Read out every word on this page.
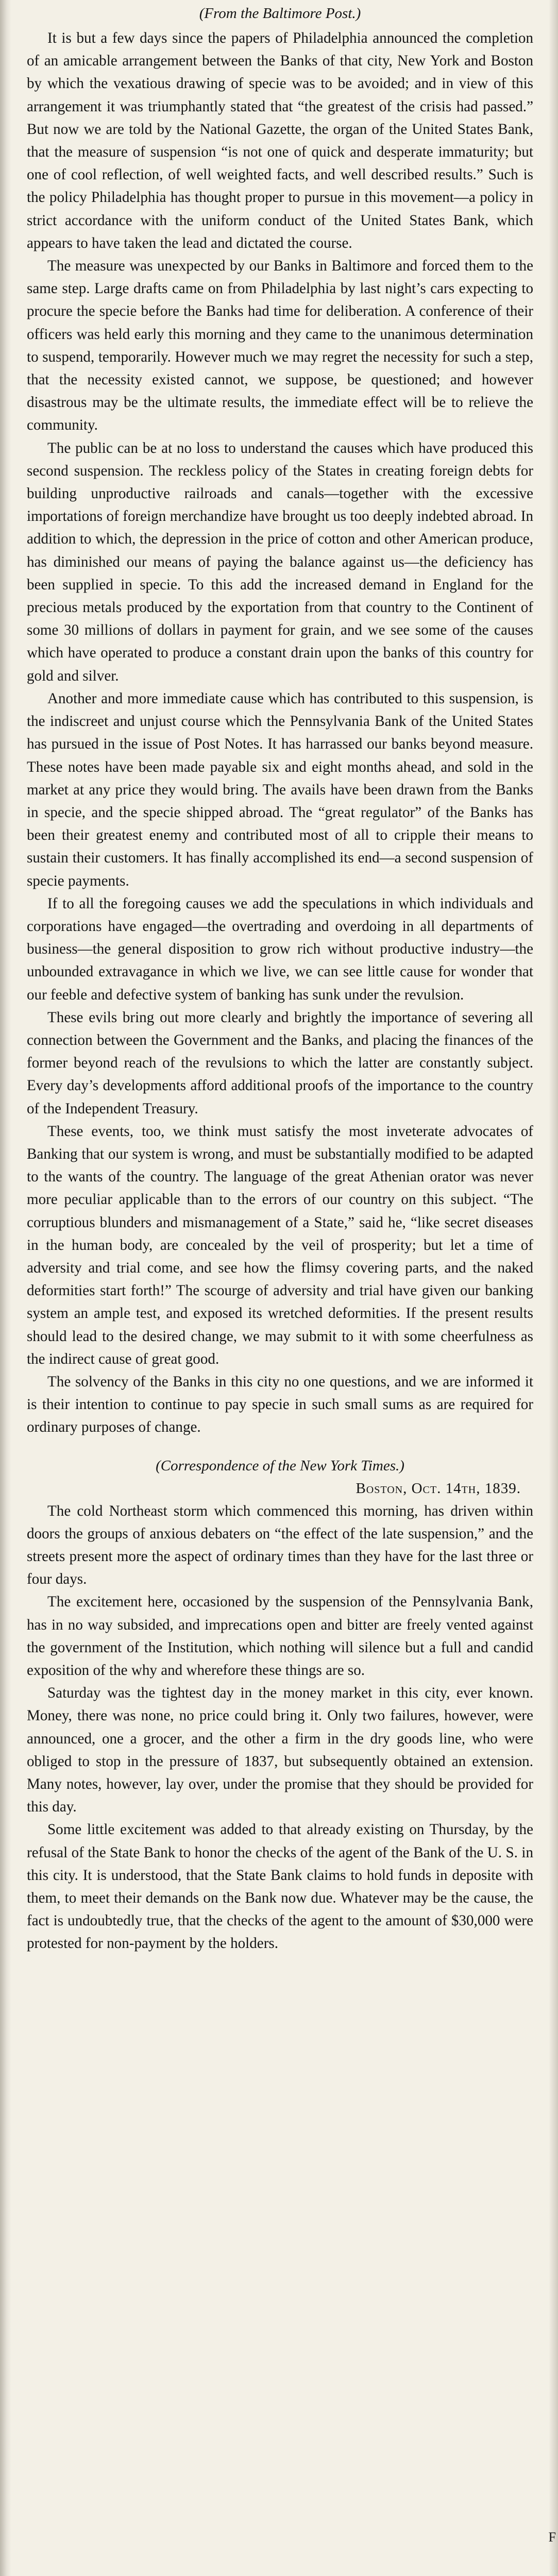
(From the Baltimore Post.)

It is but a few days since the papers of Philadelphia announced the completion of an amicable arrangement between the Banks of that city, New York and Boston by which the vexatious drawing of specie was to be avoided; and in view of this arrangement it was triumphantly stated that “the greatest of the crisis had passed.” But now we are told by the National Gazette, the organ of the United States Bank, that the measure of suspension “is not one of quick and desperate immaturity; but one of cool reflection, of well weighted facts, and well described results.” Such is the policy Philadelphia has thought proper to pursue in this movement—a policy in strict accordance with the uniform conduct of the United States Bank, which appears to have taken the lead and dictated the course.

The measure was unexpected by our Banks in Baltimore and forced them to the same step. Large drafts came on from Philadelphia by last night’s cars expecting to procure the specie before the Banks had time for deliberation. A conference of their officers was held early this morning and they came to the unanimous determination to suspend, temporarily. However much we may regret the necessity for such a step, that the necessity existed cannot, we suppose, be questioned; and however disastrous may be the ultimate results, the immediate effect will be to relieve the community.

The public can be at no loss to understand the causes which have produced this second suspension. The reckless policy of the States in creating foreign debts for building unproductive railroads and canals—together with the excessive importations of foreign merchandize have brought us too deeply indebted abroad. In addition to which, the depression in the price of cotton and other American produce, has diminished our means of paying the balance against us—the deficiency has been supplied in specie. To this add the increased demand in England for the precious metals produced by the exportation from that country to the Continent of some 30 millions of dollars in payment for grain, and we see some of the causes which have operated to produce a constant drain upon the banks of this country for gold and silver.

Another and more immediate cause which has contributed to this suspension, is the indiscreet and unjust course which the Pennsylvania Bank of the United States has pursued in the issue of Post Notes. It has harrassed our banks beyond measure. These notes have been made payable six and eight months ahead, and sold in the market at any price they would bring. The avails have been drawn from the Banks in specie, and the specie shipped abroad. The “great regulator” of the Banks has been their greatest enemy and contributed most of all to cripple their means to sustain their customers. It has finally accomplished its end—a second suspension of specie payments.

If to all the foregoing causes we add the speculations in which individuals and corporations have engaged—the overtrading and overdoing in all departments of business—the general disposition to grow rich without productive industry—the unbounded extravagance in which we live, we can see little cause for wonder that our feeble and defective system of banking has sunk under the revulsion.

These evils bring out more clearly and brightly the importance of severing all connection between the Government and the Banks, and placing the finances of the former beyond reach of the revulsions to which the latter are constantly subject. Every day’s developments afford additional proofs of the importance to the country of the Independent Treasury.

These events, too, we think must satisfy the most inveterate advocates of Banking that our system is wrong, and must be substantially modified to be adapted to the wants of the country. The language of the great Athenian orator was never more peculiar applicable than to the errors of our country on this subject. “The corruptious blunders and mismanagement of a State,” said he, “like secret diseases in the human body, are concealed by the veil of prosperity; but let a time of adversity and trial come, and see how the flimsy covering parts, and the naked deformities start forth!” The scourge of adversity and trial have given our banking system an ample test, and exposed its wretched deformities. If the present results should lead to the desired change, we may submit to it with some cheerfulness as the indirect cause of great good.

The solvency of the Banks in this city no one questions, and we are informed it is their intention to continue to pay specie in such small sums as are required for ordinary purposes of change.

(Correspondence of the New York Times.)
Boston, Oct. 14th, 1839.

The cold Northeast storm which commenced this morning, has driven within doors the groups of anxious debaters on “the effect of the late suspension,” and the streets present more the aspect of ordinary times than they have for the last three or four days.

The excitement here, occasioned by the suspension of the Pennsylvania Bank, has in no way subsided, and imprecations open and bitter are freely vented against the government of the Institution, which nothing will silence but a full and candid exposition of the why and wherefore these things are so.

Saturday was the tightest day in the money market in this city, ever known. Money, there was none, no price could bring it. Only two failures, however, were announced, one a grocer, and the other a firm in the dry goods line, who were obliged to stop in the pressure of 1837, but subsequently obtained an extension. Many notes, however, lay over, under the promise that they should be provided for this day.

Some little excitement was added to that already existing on Thursday, by the refusal of the State Bank to honor the checks of the agent of the Bank of the U. S. in this city. It is understood, that the State Bank claims to hold funds in deposite with them, to meet their demands on the Bank now due. Whatever may be the cause, the fact is undoubtedly true, that the checks of the agent to the amount of $30,000 were protested for non-payment by the holders.

F
